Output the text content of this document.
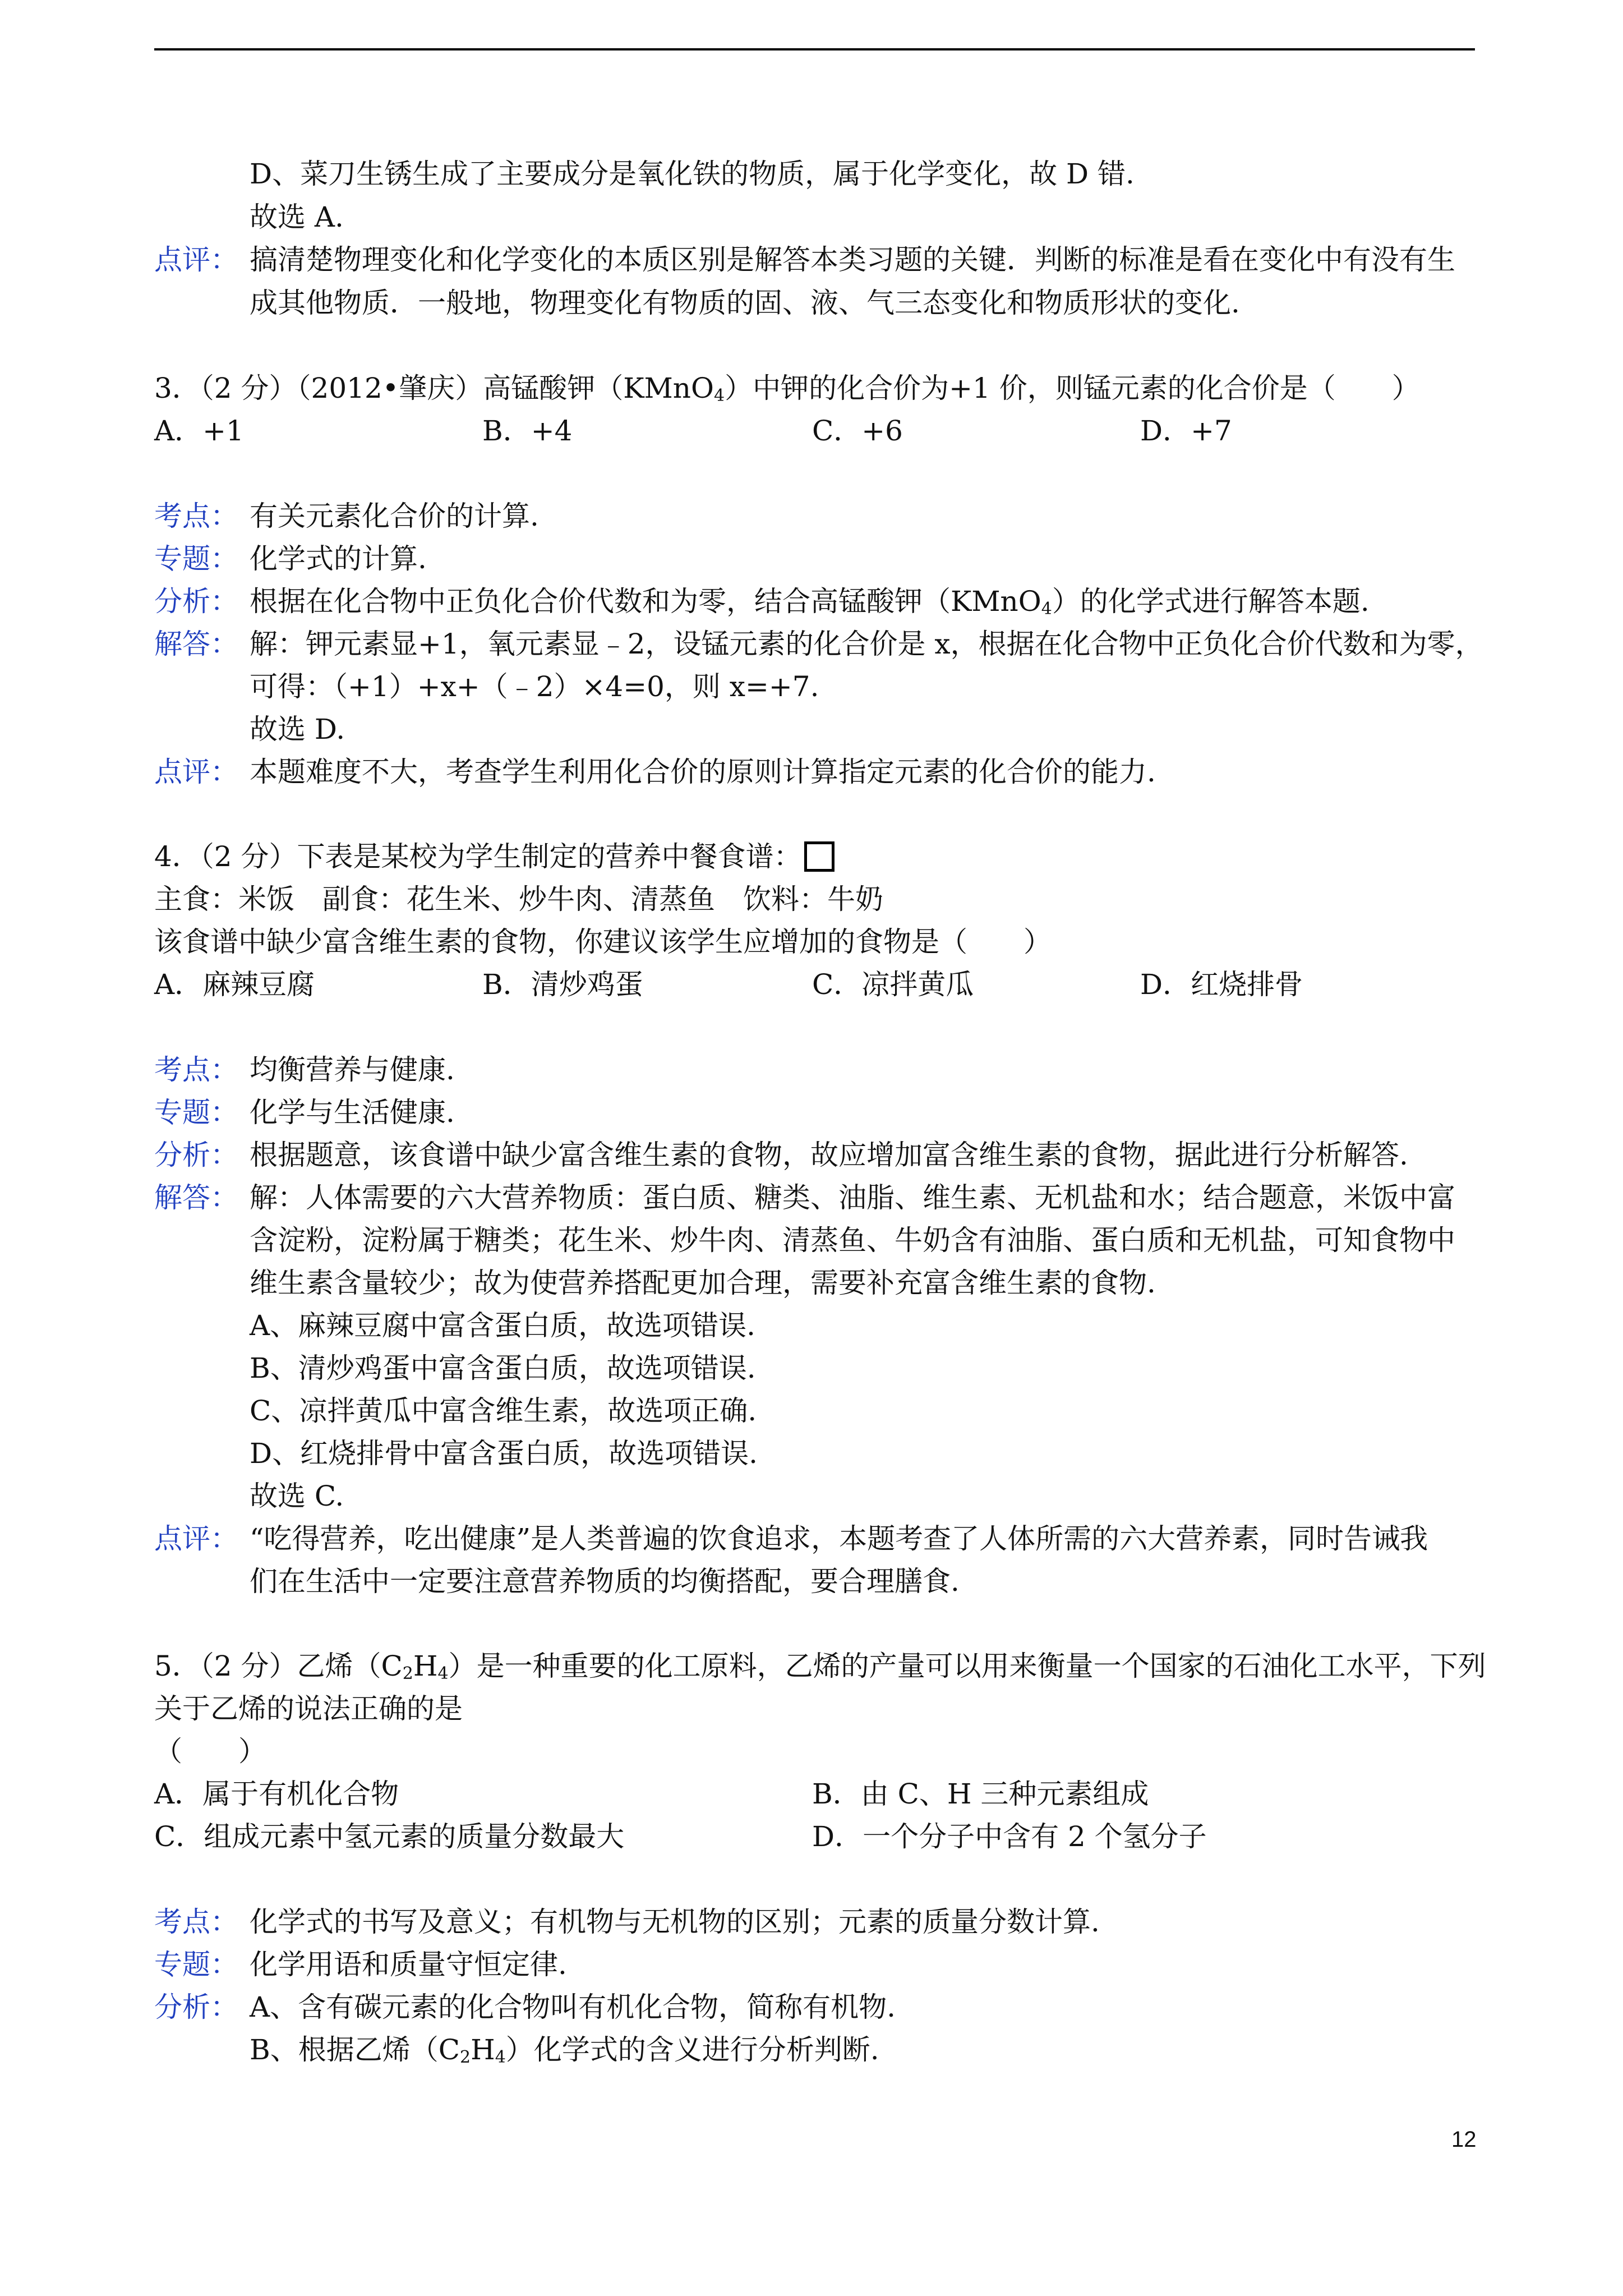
D、菜刀生锈生成了主要成分是氧化铁的物质，属于化学变化，故 D 错.
故选 A.
点评： 搞清楚物理变化和化学变化的本质区别是解答本类习题的关键．判断的标准是看在变化中有没有生
成其他物质．一般地，物理变化有物质的固、液、气三态变化和物质形状的变化.
3．（2 分）（2012•肇庆）高锰酸钾（KMnO$_4$）中钾的化合价为+1 价，则锰元素的化合价是（　　）
A．+1	B．+4	C．+6	D．+7
考点： 有关元素化合价的计算.
专题： 化学式的计算.
分析： 根据在化合物中正负化合价代数和为零，结合高锰酸钾（KMnO$_4$）的化学式进行解答本题.
解答： 解：钾元素显+1，氧元素显﹣2，设锰元素的化合价是 x，根据在化合物中正负化合价代数和为零，
可得：（+1）+x+（﹣2）×4=0，则 x=+7.
故选 D.
点评： 本题难度不大，考查学生利用化合价的原则计算指定元素的化合价的能力.
4．（2 分）下表是某校为学生制定的营养中餐食谱：
主食：米饭　副食：花生米、炒牛肉、清蒸鱼　饮料：牛奶
该食谱中缺少富含维生素的食物，你建议该学生应增加的食物是（　　）
A．麻辣豆腐	B．清炒鸡蛋	C．凉拌黄瓜	D．红烧排骨
考点： 均衡营养与健康.
专题： 化学与生活健康.
分析： 根据题意，该食谱中缺少富含维生素的食物，故应增加富含维生素的食物，据此进行分析解答.
解答： 解：人体需要的六大营养物质：蛋白质、糖类、油脂、维生素、无机盐和水；结合题意，米饭中富
含淀粉，淀粉属于糖类；花生米、炒牛肉、清蒸鱼、牛奶含有油脂、蛋白质和无机盐，可知食物中
维生素含量较少；故为使营养搭配更加合理，需要补充富含维生素的食物.
A、麻辣豆腐中富含蛋白质，故选项错误.
B、清炒鸡蛋中富含蛋白质，故选项错误.
C、凉拌黄瓜中富含维生素，故选项正确.
D、红烧排骨中富含蛋白质，故选项错误.
故选 C.
点评： “吃得营养，吃出健康”是人类普遍的饮食追求，本题考查了人体所需的六大营养素，同时告诫我
们在生活中一定要注意营养物质的均衡搭配，要合理膳食.
5．（2 分）乙烯$(C_2H_4)$是一种重要的化工原料，乙烯的产量可以用来衡量一个国家的石油化工水平，下列
关于乙烯的说法正确的是
（　　）
A．属于有机化合物	B．由 C、H 三种元素组成
C．组成元素中氢元素的质量分数最大	D．一个分子中含有 2 个氢分子
考点： 化学式的书写及意义；有机物与无机物的区别；元素的质量分数计算.
专题： 化学用语和质量守恒定律.
分析： A、含有碳元素的化合物叫有机化合物，简称有机物.
B、根据乙烯$(C_2H_4)$化学式的含义进行分析判断.
12
